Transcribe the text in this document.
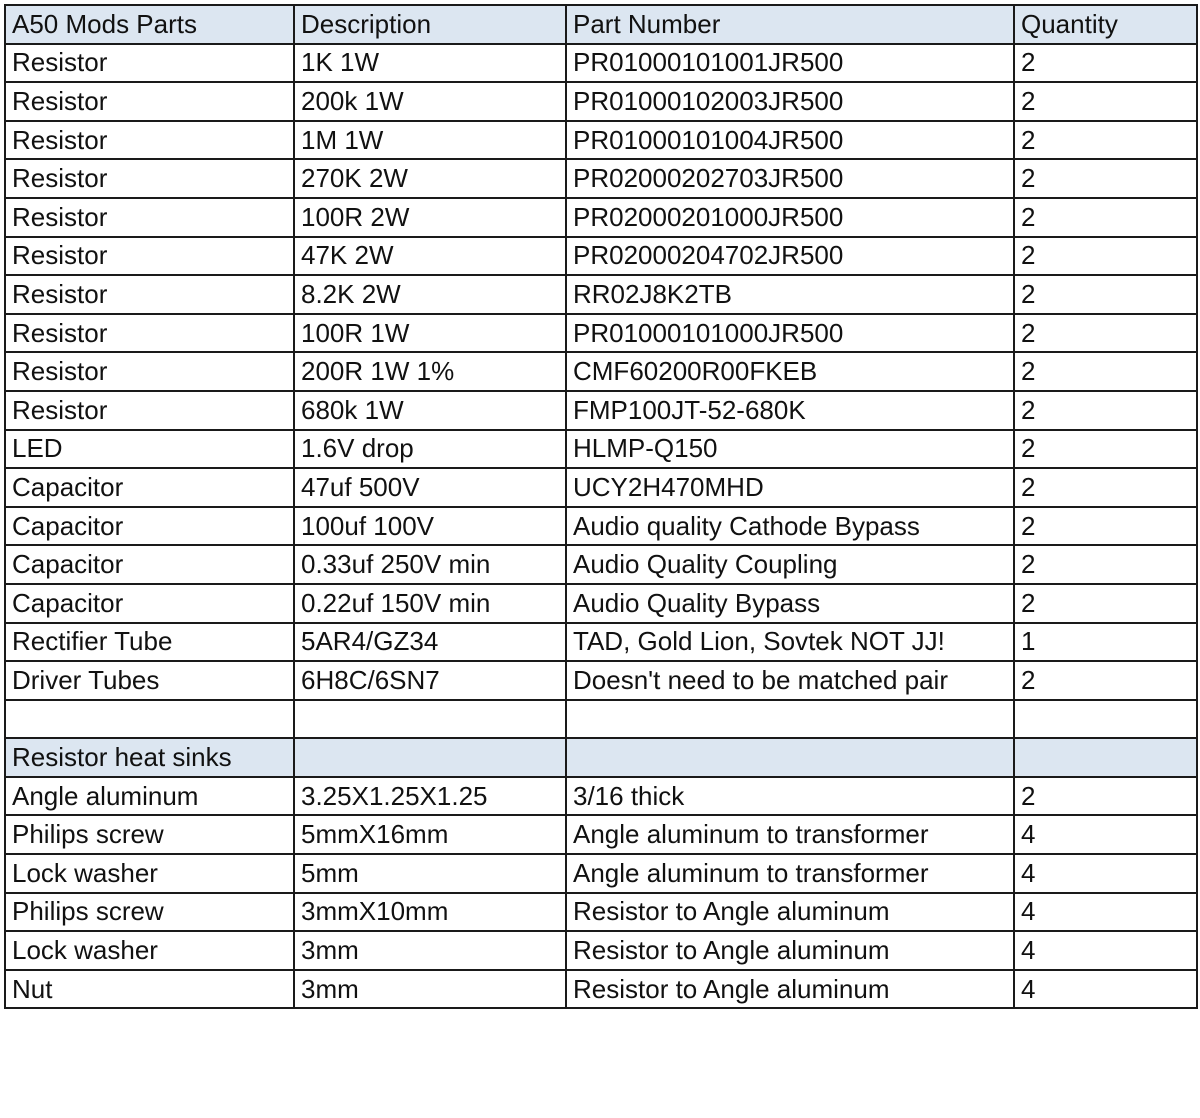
A50 Mods Parts	Description	Part Number	Quantity
Resistor	1K 1W	PR01000101001JR500	2
Resistor	200k 1W	PR01000102003JR500	2
Resistor	1M 1W	PR01000101004JR500	2
Resistor	270K 2W	PR02000202703JR500	2
Resistor	100R 2W	PR02000201000JR500	2
Resistor	47K 2W	PR02000204702JR500	2
Resistor	8.2K 2W	RR02J8K2TB	2
Resistor	100R 1W	PR01000101000JR500	2
Resistor	200R 1W 1%	CMF60200R00FKEB	2
Resistor	680k 1W	FMP100JT-52-680K	2
LED	1.6V drop	HLMP-Q150	2
Capacitor	47uf 500V	UCY2H470MHD	2
Capacitor	100uf 100V	Audio quality Cathode Bypass	2
Capacitor	0.33uf 250V min	Audio Quality Coupling	2
Capacitor	0.22uf 150V min	Audio Quality Bypass	2
Rectifier Tube	5AR4/GZ34	TAD, Gold Lion, Sovtek NOT JJ!	1
Driver Tubes	6H8C/6SN7	Doesn't need to be matched pair	2

Resistor heat sinks			
Angle aluminum	3.25X1.25X1.25	3/16 thick	2
Philips screw	5mmX16mm	Angle aluminum to transformer	4
Lock washer	5mm	Angle aluminum to transformer	4
Philips screw	3mmX10mm	Resistor to Angle aluminum	4
Lock washer	3mm	Resistor to Angle aluminum	4
Nut	3mm	Resistor to Angle aluminum	4
